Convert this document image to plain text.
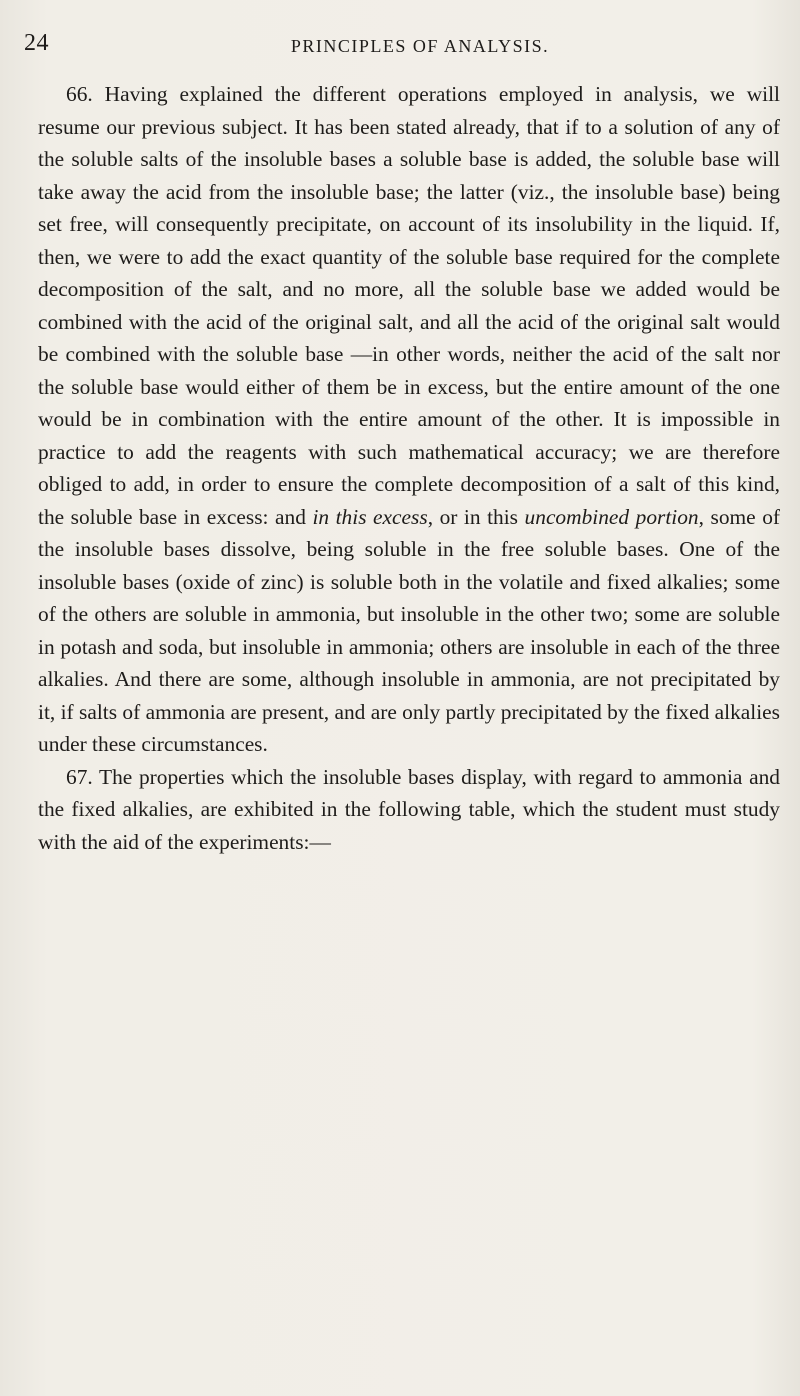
24	PRINCIPLES OF ANALYSIS.

66. Having explained the different operations employed in analysis, we will resume our previous subject. It has been stated already, that if to a solution of any of the soluble salts of the insoluble bases a soluble base is added, the soluble base will take away the acid from the insoluble base; the latter (viz., the insoluble base) being set free, will consequently precipitate, on account of its insolubility in the liquid. If, then, we were to add the exact quantity of the soluble base required for the complete decomposition of the salt, and no more, all the soluble base we added would be combined with the acid of the original salt, and all the acid of the original salt would be combined with the soluble base —in other words, neither the acid of the salt nor the soluble base would either of them be in excess, but the entire amount of the one would be in combination with the entire amount of the other. It is impossible in practice to add the reagents with such mathematical accuracy; we are therefore obliged to add, in order to ensure the complete decomposition of a salt of this kind, the soluble base in excess: and in this excess, or in this uncombined portion, some of the insoluble bases dissolve, being soluble in the free soluble bases. One of the insoluble bases (oxide of zinc) is soluble both in the volatile and fixed alkalies; some of the others are soluble in ammonia, but insoluble in the other two; some are soluble in potash and soda, but insoluble in ammonia; others are insoluble in each of the three alkalies. And there are some, although insoluble in ammonia, are not precipitated by it, if salts of ammonia are present, and are only partly precipitated by the fixed alkalies under these circumstances.

67. The properties which the insoluble bases display, with regard to ammonia and the fixed alkalies, are exhibited in the following table, which the student must study with the aid of the experiments:—
